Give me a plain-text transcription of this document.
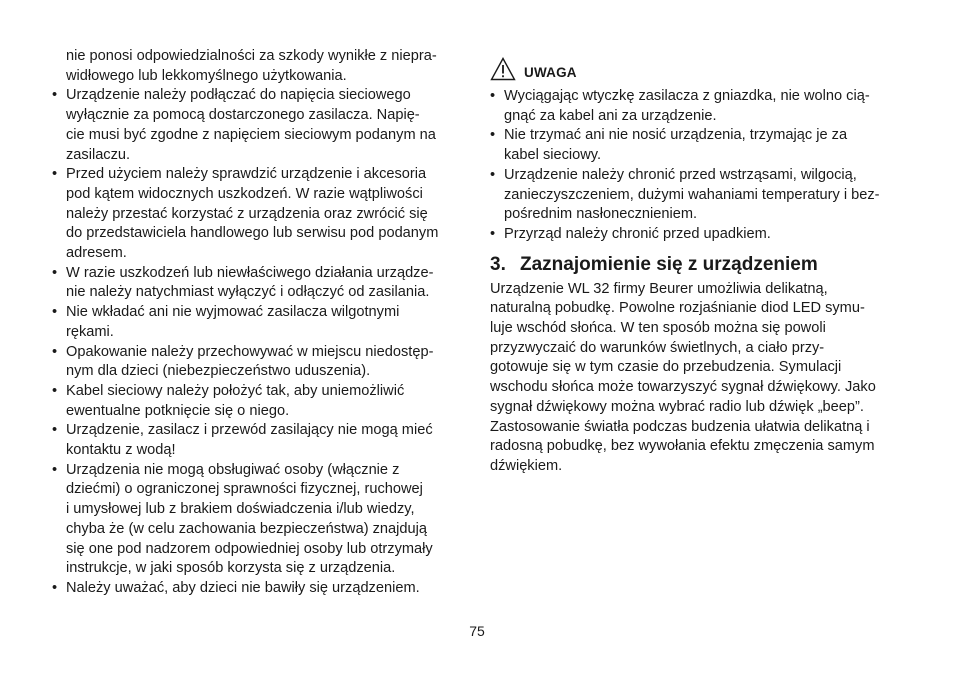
nie ponosi odpowiedzialności za szkody wynikłe z niepra-
widłowego lub lekkomyślnego użytkowania.
• Urządzenie należy podłączać do napięcia sieciowego
wyłącznie za pomocą dostarczonego zasilacza. Napię-
cie musi być zgodne z napięciem sieciowym podanym na
zasilaczu.
• Przed użyciem należy sprawdzić urządzenie i akcesoria
pod kątem widocznych uszkodzeń. W razie wątpliwości
należy przestać korzystać z urządzenia oraz zwrócić się
do przedstawiciela handlowego lub serwisu pod podanym
adresem.
• W razie uszkodzeń lub niewłaściwego działania urządze-
nie należy natychmiast wyłączyć i odłączyć od zasilania.
• Nie wkładać ani nie wyjmować zasilacza wilgotnymi
rękami.
• Opakowanie należy przechowywać w miejscu niedostęp-
nym dla dzieci (niebezpieczeństwo uduszenia).
• Kabel sieciowy należy położyć tak, aby uniemożliwić
ewentualne potknięcie się o niego.
• Urządzenie, zasilacz i przewód zasilający nie mogą mieć
kontaktu z wodą!
• Urządzenia nie mogą obsługiwać osoby (włącznie z
dziećmi) o ograniczonej sprawności fizycznej, ruchowej
i umysłowej lub z brakiem doświadczenia i/lub wiedzy,
chyba że (w celu zachowania bezpieczeństwa) znajdują
się one pod nadzorem odpowiedniej osoby lub otrzymały
instrukcje, w jaki sposób korzysta się z urządzenia.
• Należy uważać, aby dzieci nie bawiły się urządzeniem.
UWAGA
• Wyciągając wtyczkę zasilacza z gniazdka, nie wolno cią-
gnąć za kabel ani za urządzenie.
• Nie trzymać ani nie nosić urządzenia, trzymając je za
kabel sieciowy.
• Urządzenie należy chronić przed wstrząsami, wilgocią,
zanieczyszczeniem, dużymi wahaniami temperatury i bez-
pośrednim nasłonecznieniem.
• Przyrząd należy chronić przed upadkiem.
3. Zaznajomienie się z urządzeniem
Urządzenie WL 32 firmy Beurer umożliwia delikatną,
naturalną pobudkę. Powolne rozjaśnianie diod LED symu-
luje wschód słońca. W ten sposób można się powoli
przyzwyczaić do warunków świetlnych, a ciało przy-
gotowuje się w tym czasie do przebudzenia. Symulacji
wschodu słońca może towarzyszyć sygnał dźwiękowy. Jako
sygnał dźwiękowy można wybrać radio lub dźwięk „beep”.
Zastosowanie światła podczas budzenia ułatwia delikatną i
radosną pobudkę, bez wywołania efektu zmęczenia samym
dźwiękiem.
75
